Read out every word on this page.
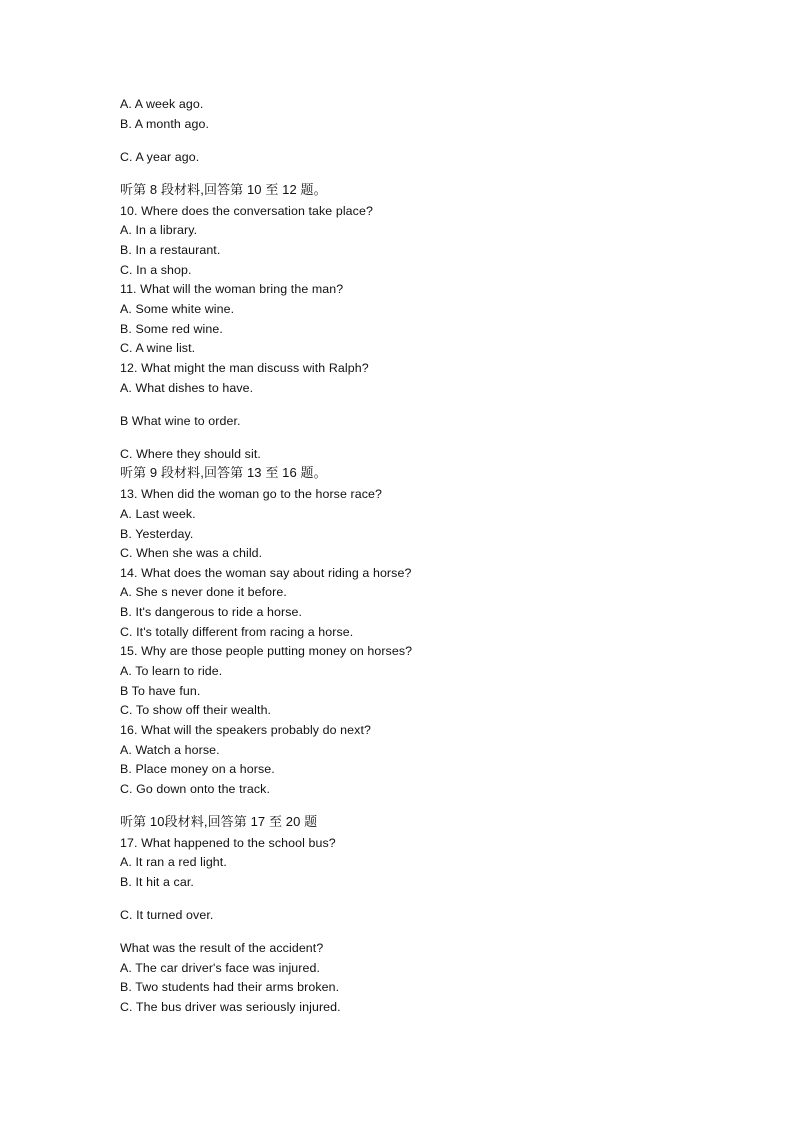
A. A week ago.
B. A month ago.
C. A year ago.
听第 8 段材料,回答第 10 至 12 题。
10. Where does the conversation take place?
A. In a library.
B. In a restaurant.
C. In a shop.
11. What will the woman bring the man?
A. Some white wine.
B. Some red wine.
C. A wine list.
12. What might the man discuss with Ralph?
A. What dishes to have.
B What wine to order.
C. Where they should sit.
听第 9 段材料,回答第 13 至 16 题。
13. When did the woman go to the horse race?
A. Last week.
B. Yesterday.
C. When she was a child.
14. What does the woman say about riding a horse?
A. She s never done it before.
B. It's dangerous to ride a horse.
C. It's totally different from racing a horse.
15. Why are those people putting money on horses?
A. To learn to ride.
B To have fun.
C. To show off their wealth.
16. What will the speakers probably do next?
A. Watch a horse.
B. Place money on a horse.
C. Go down onto the track.
听第 10段材料,回答第 17 至 20 题
17. What happened to the school bus?
A. It ran a red light.
B. It hit a car.
C. It turned over.
What was the result of the accident?
A. The car driver's face was injured.
B. Two students had their arms broken.
C. The bus driver was seriously injured.
